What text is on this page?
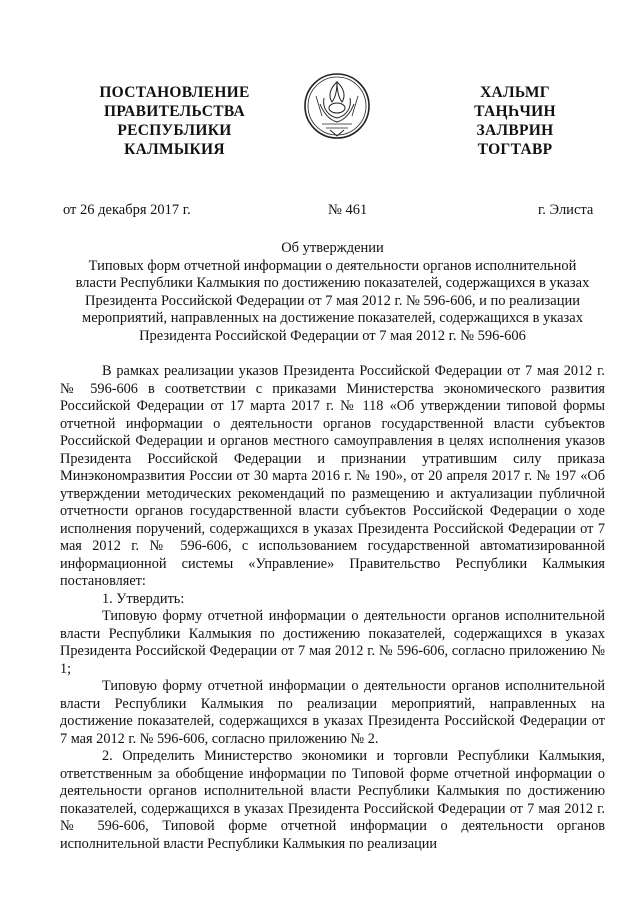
ПОСТАНОВЛЕНИЕ
ПРАВИТЕЛЬСТВА
РЕСПУБЛИКИ
КАЛМЫКИЯ
ХАЛЬМГ
ТАҢҺЧИН
ЗАЛВРИН
ТОГТАВР
от 26 декабря 2017 г.	№ 461	г. Элиста
Об утверждении
Типовых форм отчетной информации о деятельности органов исполнительной
власти Республики Калмыкия по достижению показателей, содержащихся в указах
Президента Российской Федерации от 7 мая 2012 г. № 596-606, и по реализации
мероприятий, направленных на достижение показателей, содержащихся в указах
Президента Российской Федерации от 7 мая 2012 г. № 596-606

В рамках реализации указов Президента Российской Федерации от 7 мая 2012 г. № 596-606 в соответствии с приказами Министерства экономического развития Российской Федерации от 17 марта 2017 г. № 118 «Об утверждении типовой формы отчетной информации о деятельности органов государственной власти субъектов Российской Федерации и органов местного самоуправления в целях исполнения указов Президента Российской Федерации и признании утратившим силу приказа Минэкономразвития России от 30 марта 2016 г. № 190», от 20 апреля 2017 г. № 197 «Об утверждении методических рекомендаций по размещению и актуализации публичной отчетности органов государственной власти субъектов Российской Федерации о ходе исполнения поручений, содержащихся в указах Президента Российской Федерации от 7 мая 2012 г. № 596-606, с использованием государственной автоматизированной информационной системы «Управление» Правительство Республики Калмыкия постановляет:

1. Утвердить:

Типовую форму отчетной информации о деятельности органов исполнительной власти Республики Калмыкия по достижению показателей, содержащихся в указах Президента Российской Федерации от 7 мая 2012 г. № 596-606, согласно приложению № 1;

Типовую форму отчетной информации о деятельности органов исполнительной власти Республики Калмыкия по реализации мероприятий, направленных на достижение показателей, содержащихся в указах Президента Российской Федерации от 7 мая 2012 г. № 596-606, согласно приложению № 2.

2. Определить Министерство экономики и торговли Республики Калмыкия, ответственным за обобщение информации по Типовой форме отчетной информации о деятельности органов исполнительной власти Республики Калмыкия по достижению показателей, содержащихся в указах Президента Российской Федерации от 7 мая 2012 г. № 596-606, Типовой форме отчетной информации о деятельности органов исполнительной власти Республики Калмыкия по реализации
